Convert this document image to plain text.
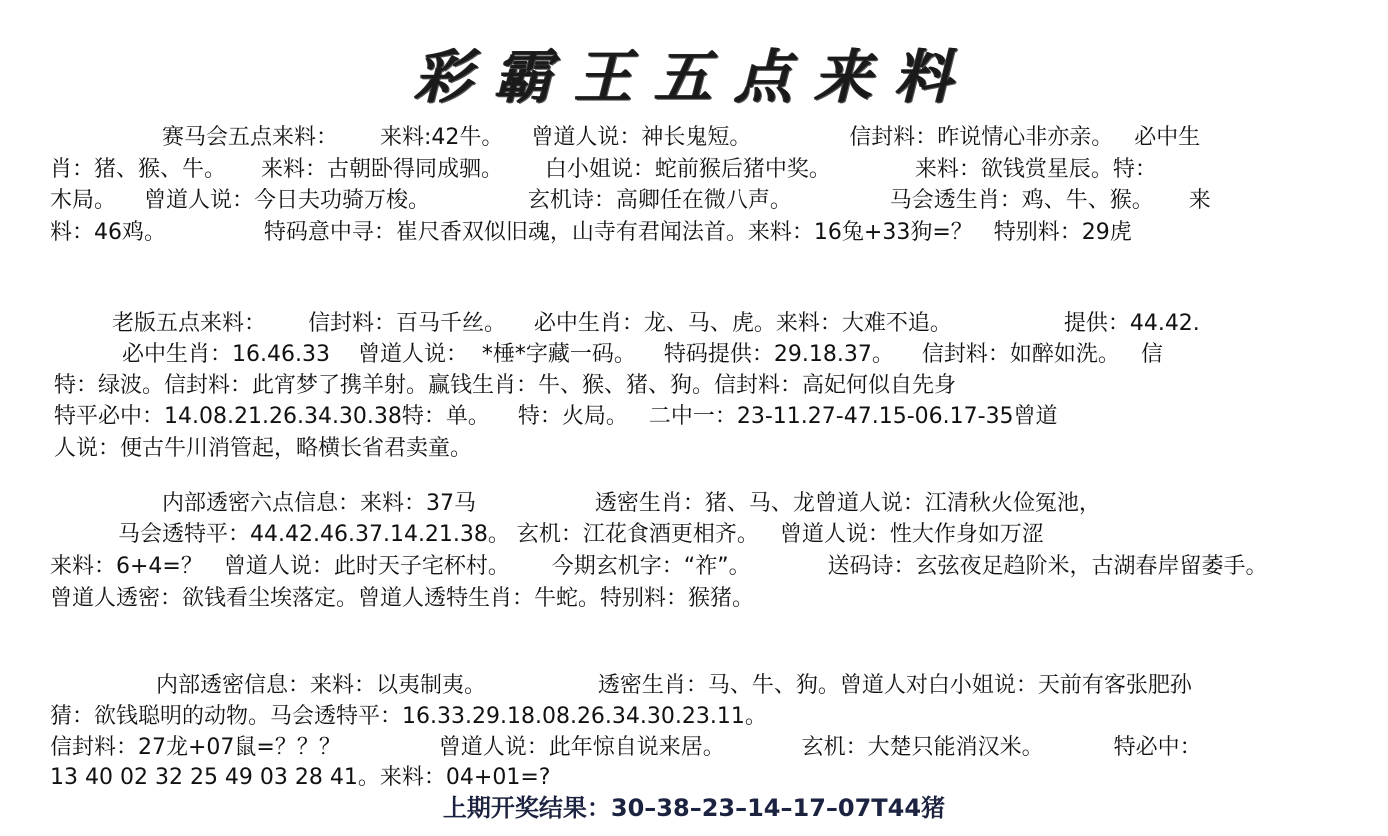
彩霸王五点来料
赛马会五点来料：      来料:42牛。    曾道人说：神长鬼短。              信封料：昨说情心非亦亲。   必中生
肖：猪、猴、牛。     来料：古朝卧得同成驷。      白小姐说：蛇前猴后猪中奖。            来料：欲钱赏星辰。特：
木局。    曾道人说：今日夫功骑万梭。              玄机诗：高卿任在微八声。              马会透生肖：鸡、牛、猴。     来
料：46鸡。              特码意中寻：崔尺香双似旧魂，山寺有君闻法首。来料：16兔+33狗=？   特别料：29虎
老版五点来料：      信封料：百马千丝。    必中生肖：龙、马、虎。来料：大难不追。                提供：44.42.
必中生肖：16.46.33    曾道人说：  *棰*字藏一码。    特码提供：29.18.37。    信封料：如醉如洗。   信
特：绿波。信封料：此宵梦了携羊射。赢钱生肖：牛、猴、猪、狗。信封料：高妃何似自先身
特平必中：14.08.21.26.34.30.38特：单。    特：火局。   二中一：23-11.27-47.15-06.17-35曾道
人说：便古牛川消管起，略横长省君卖童。
内部透密六点信息：来料：37马                 透密生肖：猪、马、龙曾道人说：江清秋火俭冤池，
马会透特平：44.42.46.37.14.21.38。 玄机：江花食酒更相齐。   曾道人说：性大作身如万涩
来料：6+4=？   曾道人说：此时天子宅杯村。      今期玄机字：“祚”。           送码诗：玄弦夜足趋阶米，古湖春岸留萎手。
曾道人透密：欲钱看尘埃落定。曾道人透特生肖：牛蛇。特别料：猴猪。
内部透密信息：来料：以夷制夷。                透密生肖：马、牛、狗。曾道人对白小姐说：天前有客张肥孙
猜：欲钱聪明的动物。马会透特平：16.33.29.18.08.26.34.30.23.11。
信封料：27龙+07鼠=？？？              曾道人说：此年惊自说来居。           玄机：大楚只能消汉米。          特必中：
13 40 02 32 25 49 03 28 41。来料：04+01=?
上期开奖结果：30–38–23–14–17–07T44猪
